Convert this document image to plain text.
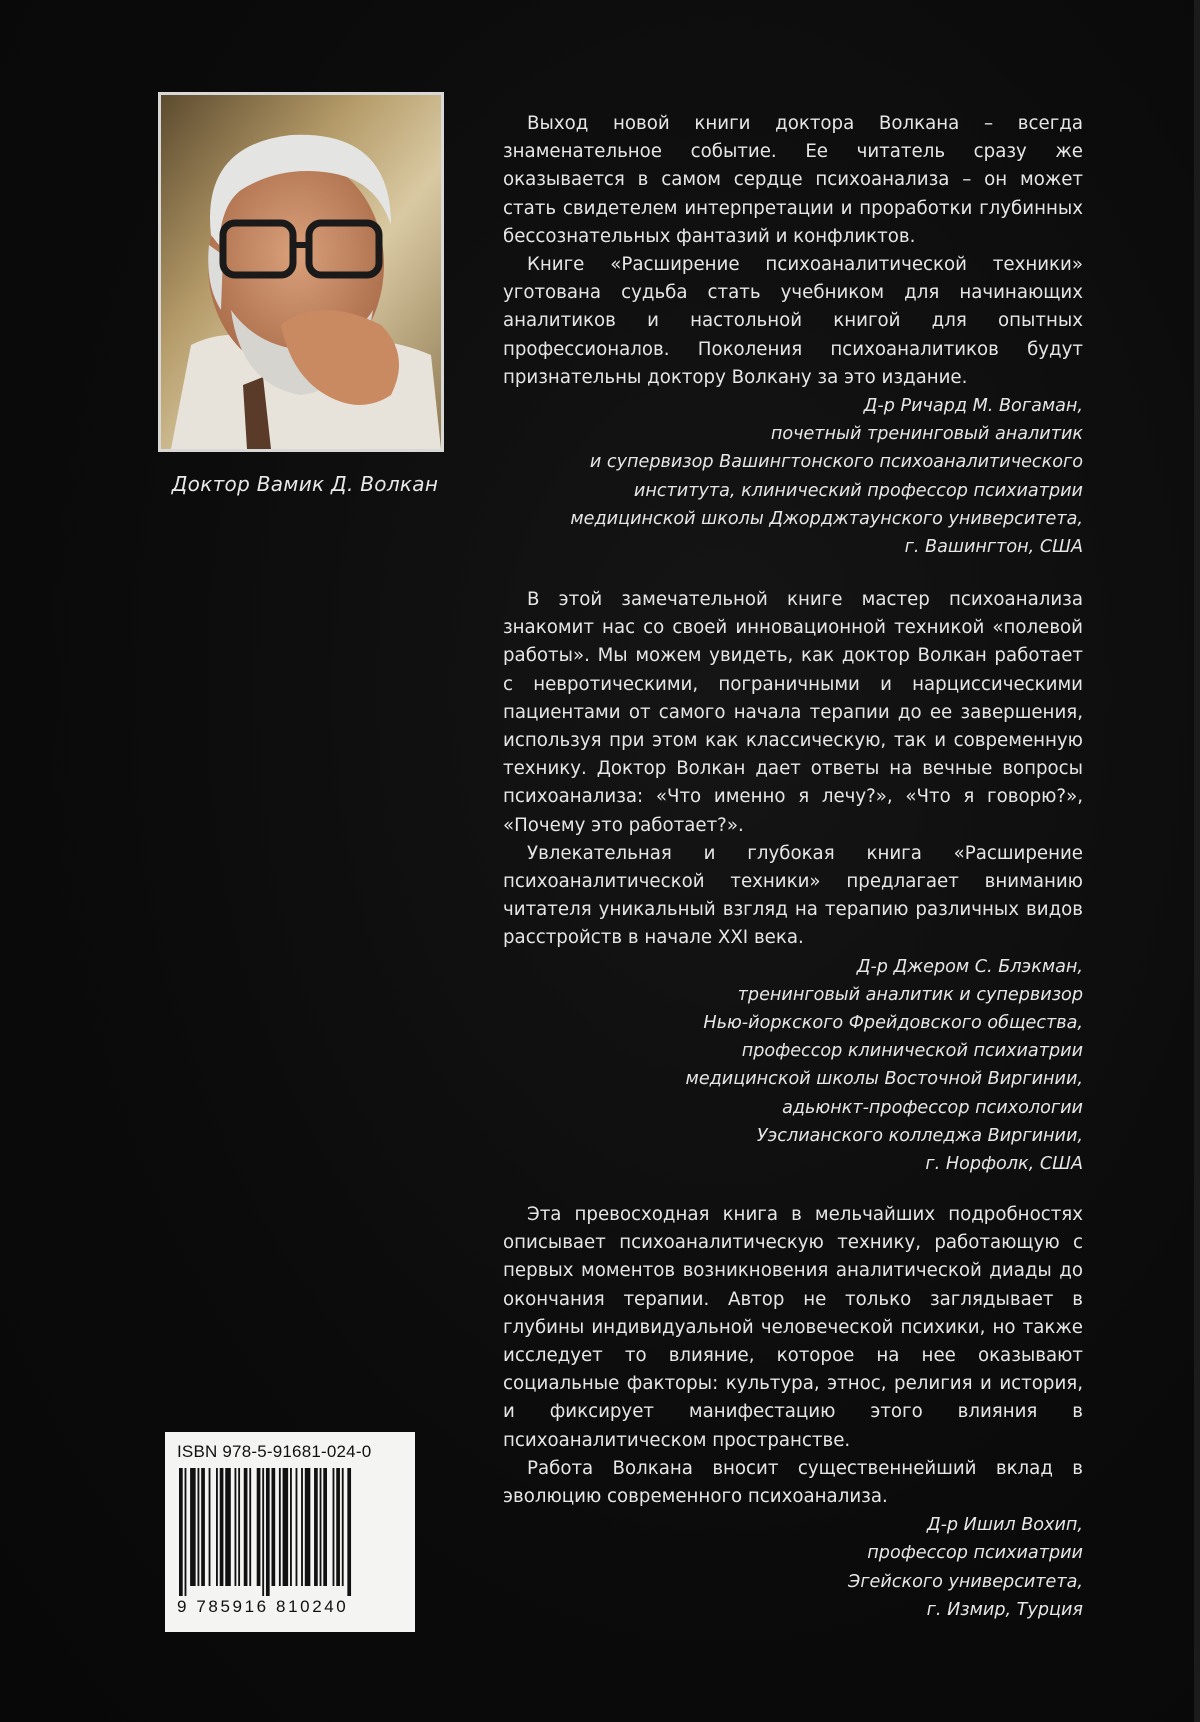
Доктор Вамик Д. Волкан

Выход новой книги доктора Волкана – всегда знаменательное событие. Ее читатель сразу же оказывается в самом сердце психоанализа – он может стать свидетелем интерпретации и проработки глубинных бессознательных фантазий и конфликтов.

Книге «Расширение психоаналитической техники» уготована судьба стать учебником для начинающих аналитиков и настольной книгой для опытных профессионалов. Поколения психоаналитиков будут признательны доктору Волкану за это издание.

Д-р Ричард М. Вогаман,
почетный тренинговый аналитик
и супервизор Вашингтонского психоаналитического
института, клинический профессор психиатрии
медицинской школы Джорджтаунского университета,
г. Вашингтон, США

В этой замечательной книге мастер психоанализа знакомит нас со своей инновационной техникой «полевой работы». Мы можем увидеть, как доктор Волкан работает с невротическими, пограничными и нарциссическими пациентами от самого начала терапии до ее завершения, используя при этом как классическую, так и современную технику. Доктор Волкан дает ответы на вечные вопросы психоанализа: «Что именно я лечу?», «Что я говорю?», «Почему это работает?».

Увлекательная и глубокая книга «Расширение психоаналитической техники» предлагает вниманию читателя уникальный взгляд на терапию различных видов расстройств в начале XXI века.

Д-р Джером С. Блэкман,
тренинговый аналитик и супервизор
Нью-йоркского Фрейдовского общества,
профессор клинической психиатрии
медицинской школы Восточной Виргинии,
адьюнкт-профессор психологии
Уэслианского колледжа Виргинии,
г. Норфолк, США

Эта превосходная книга в мельчайших подробностях описывает психоаналитическую технику, работающую с первых моментов возникновения аналитической диады до окончания терапии. Автор не только заглядывает в глубины индивидуальной человеческой психики, но также исследует то влияние, которое на нее оказывают социальные факторы: культура, этнос, религия и история, и фиксирует манифестацию этого влияния в психоаналитическом пространстве.

Работа Волкана вносит существеннейший вклад в эволюцию современного психоанализа.

Д-р Ишил Вохип,
профессор психиатрии
Эгейского университета,
г. Измир, Турция
ISBN 978-5-91681-024-0
9 785916 810240
